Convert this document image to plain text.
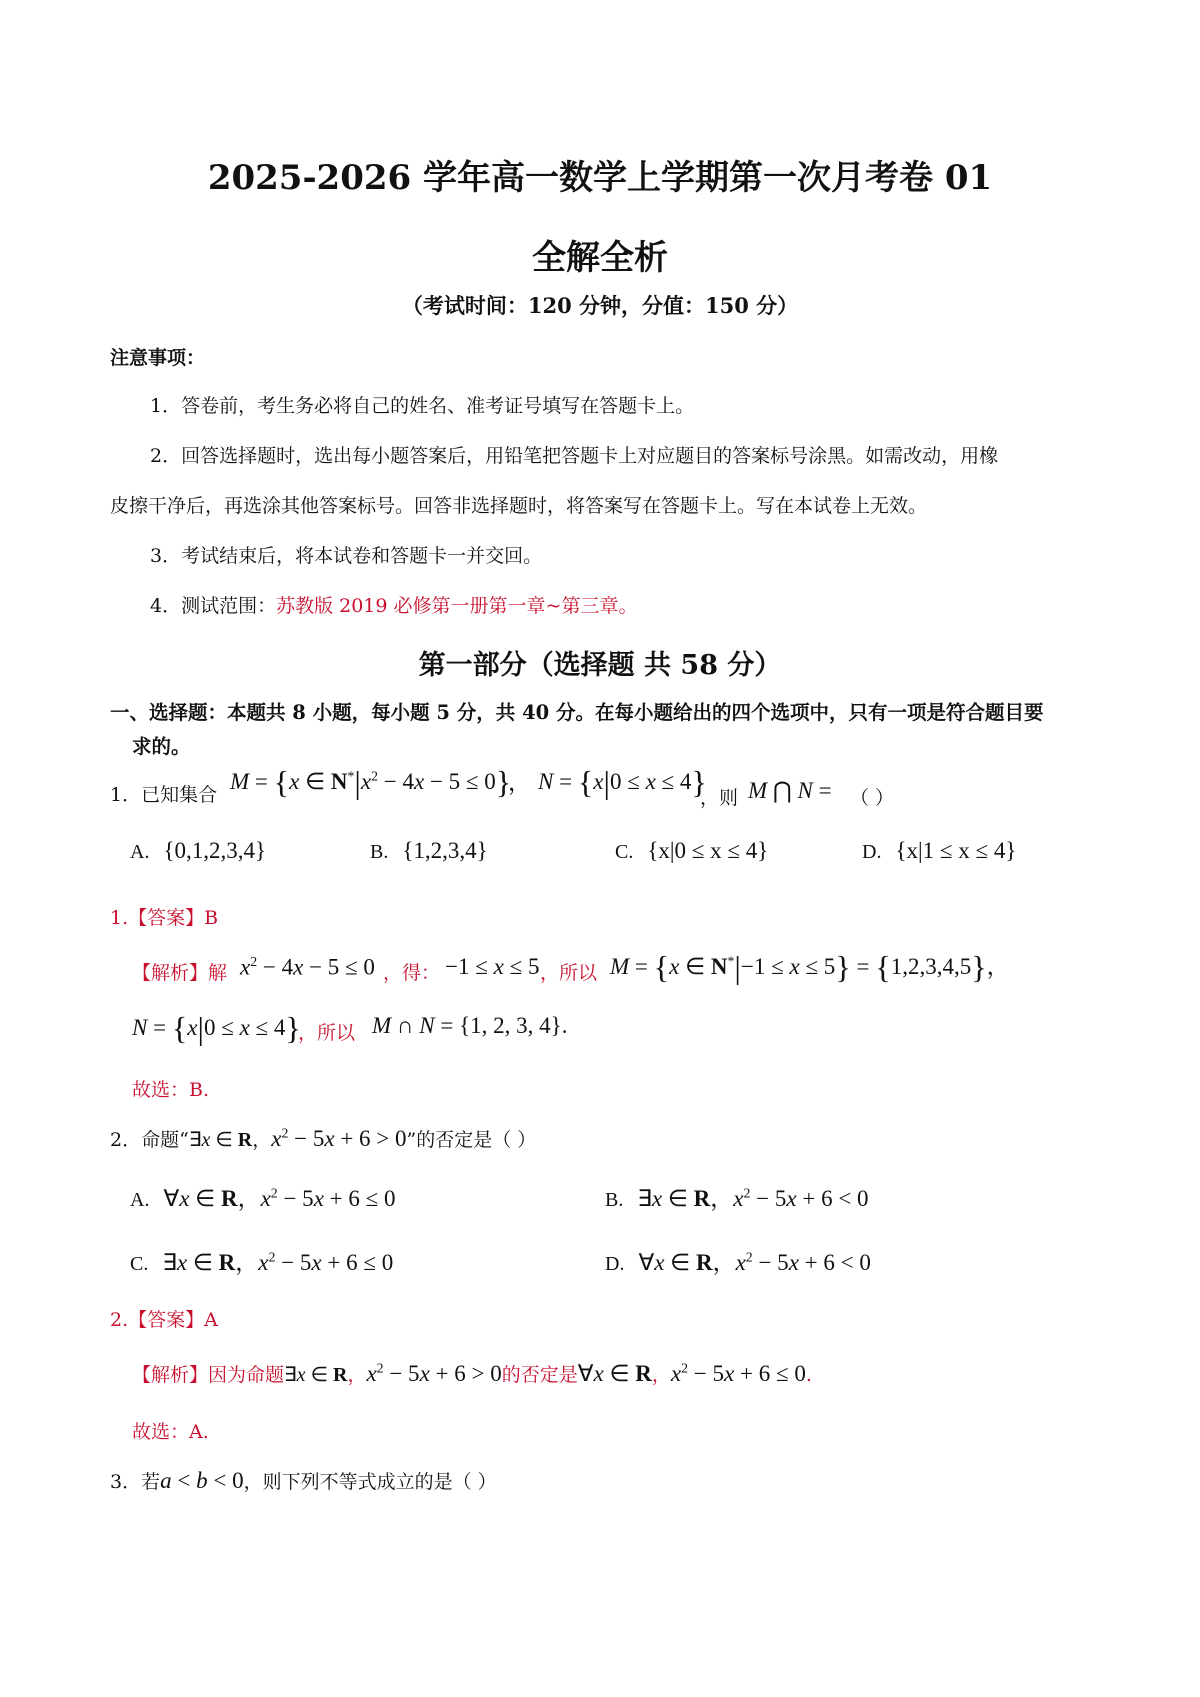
2025-2026 学年高一数学上学期第一次月考卷 01
全解全析
（考试时间：120 分钟，分值：150 分）
注意事项：
1．答卷前，考生务必将自己的姓名、准考证号填写在答题卡上。
2．回答选择题时，选出每小题答案后，用铅笔把答题卡上对应题目的答案标号涂黑。如需改动，用橡
皮擦干净后，再选涂其他答案标号。回答非选择题时，将答案写在答题卡上。写在本试卷上无效。
3．考试结束后，将本试卷和答题卡一并交回。
4．测试范围：苏教版 2019 必修第一册第一章~第三章。
第一部分（选择题 共 58 分）
一、选择题：本题共 8 小题，每小题 5 分，共 40 分。在每小题给出的四个选项中，只有一项是符合题目要
求的。
1．已知集合
M = {x ∈ $N^*|x^2 - 4x - 5 \le 0$}
， N = {x|0 ≤ x ≤ 4}
，则 M ⋂ N = （ ）
A. {0,1,2,3,4}	B. {1,2,3,4}	C. {x|0 ≤ x ≤ 4}	D. {x|1 ≤ x ≤ 4}
1.【答案】B
【解析】解 $x^2 - 4x - 5 \le 0$ ，得： −1 ≤ x ≤ 5 ，所以 M = {x ∈ N*|−1 ≤ x ≤ 5} = {1,2,3,4,5}，
N = {x|0 ≤ x ≤ 4}
，所以 M ∩ N = {1, 2, 3, 4}.
故选：B.
2．命题“∃x ∈ R，$x^2 - 5x + 6 > 0$”的否定是（ ）
A. ∀x ∈ R，$x^2 - 5x + 6 \le 0$	B. ∃x ∈ R，$x^2 - 5x + 6 < 0$
C. ∃x ∈ R，$x^2 - 5x + 6 \le 0$	D. ∀x ∈ R，$x^2 - 5x + 6 < 0$
2.【答案】A
【解析】因为命题∃x ∈ R，$x^2 - 5x + 6 > 0$的否定是∀x ∈ R，$x^2 - 5x + 6 \le 0$.
故选：A.
3．若a < b < 0，则下列不等式成立的是（ ）
